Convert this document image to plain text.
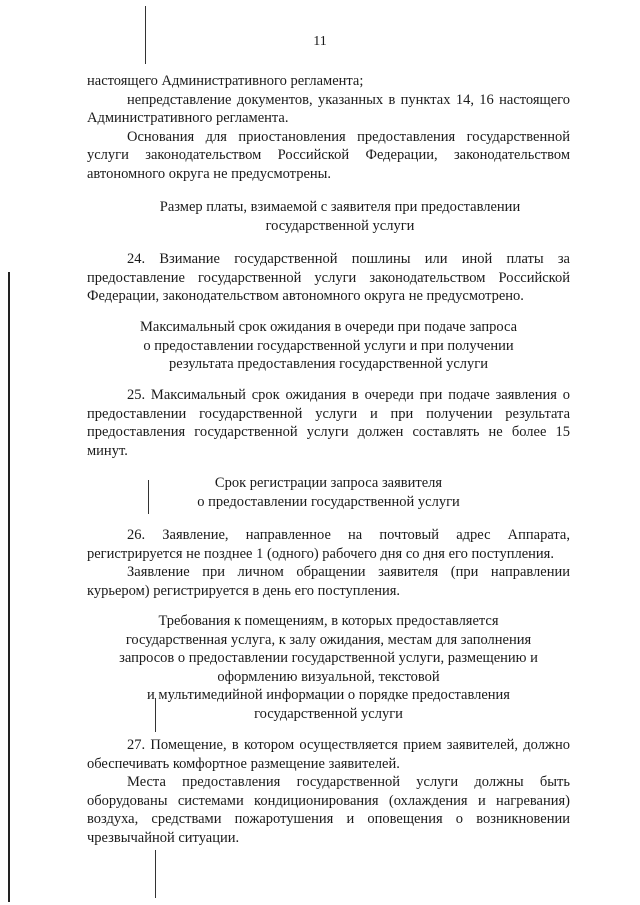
11

настоящего Административного регламента;

непредставление документов, указанных в пунктах 14, 16 настоящего Административного регламента.

Основания для приостановления предоставления государственной услуги законодательством Российской Федерации, законодательством автономного округа не предусмотрены.

Размер платы, взимаемой с заявителя при предоставлении государственной услуги

24. Взимание государственной пошлины или иной платы за предоставление государственной услуги законодательством Российской Федерации, законодательством автономного округа не предусмотрено.

Максимальный срок ожидания в очереди при подаче запроса

о предоставлении государственной услуги и при получении

результата предоставления государственной услуги

25. Максимальный срок ожидания в очереди при подаче заявления о предоставлении государственной услуги и при получении результата предоставления государственной услуги должен составлять не более 15 минут.

Срок регистрации запроса заявителя

о предоставлении государственной услуги

26. Заявление, направленное на почтовый адрес Аппарата, регистрируется не позднее 1 (одного) рабочего дня со дня его поступления.

Заявление при личном обращении заявителя (при направлении курьером) регистрируется в день его поступления.

Требования к помещениям, в которых предоставляется

государственная услуга, к залу ожидания, местам для заполнения

запросов о предоставлении государственной услуги, размещению и

оформлению визуальной, текстовой

и мультимедийной информации о порядке предоставления

государственной услуги

27. Помещение, в котором осуществляется прием заявителей, должно обеспечивать комфортное размещение заявителей.

Места предоставления государственной услуги должны быть оборудованы системами кондиционирования (охлаждения и нагревания) воздуха, средствами пожаротушения и оповещения о возникновении чрезвычайной ситуации.
